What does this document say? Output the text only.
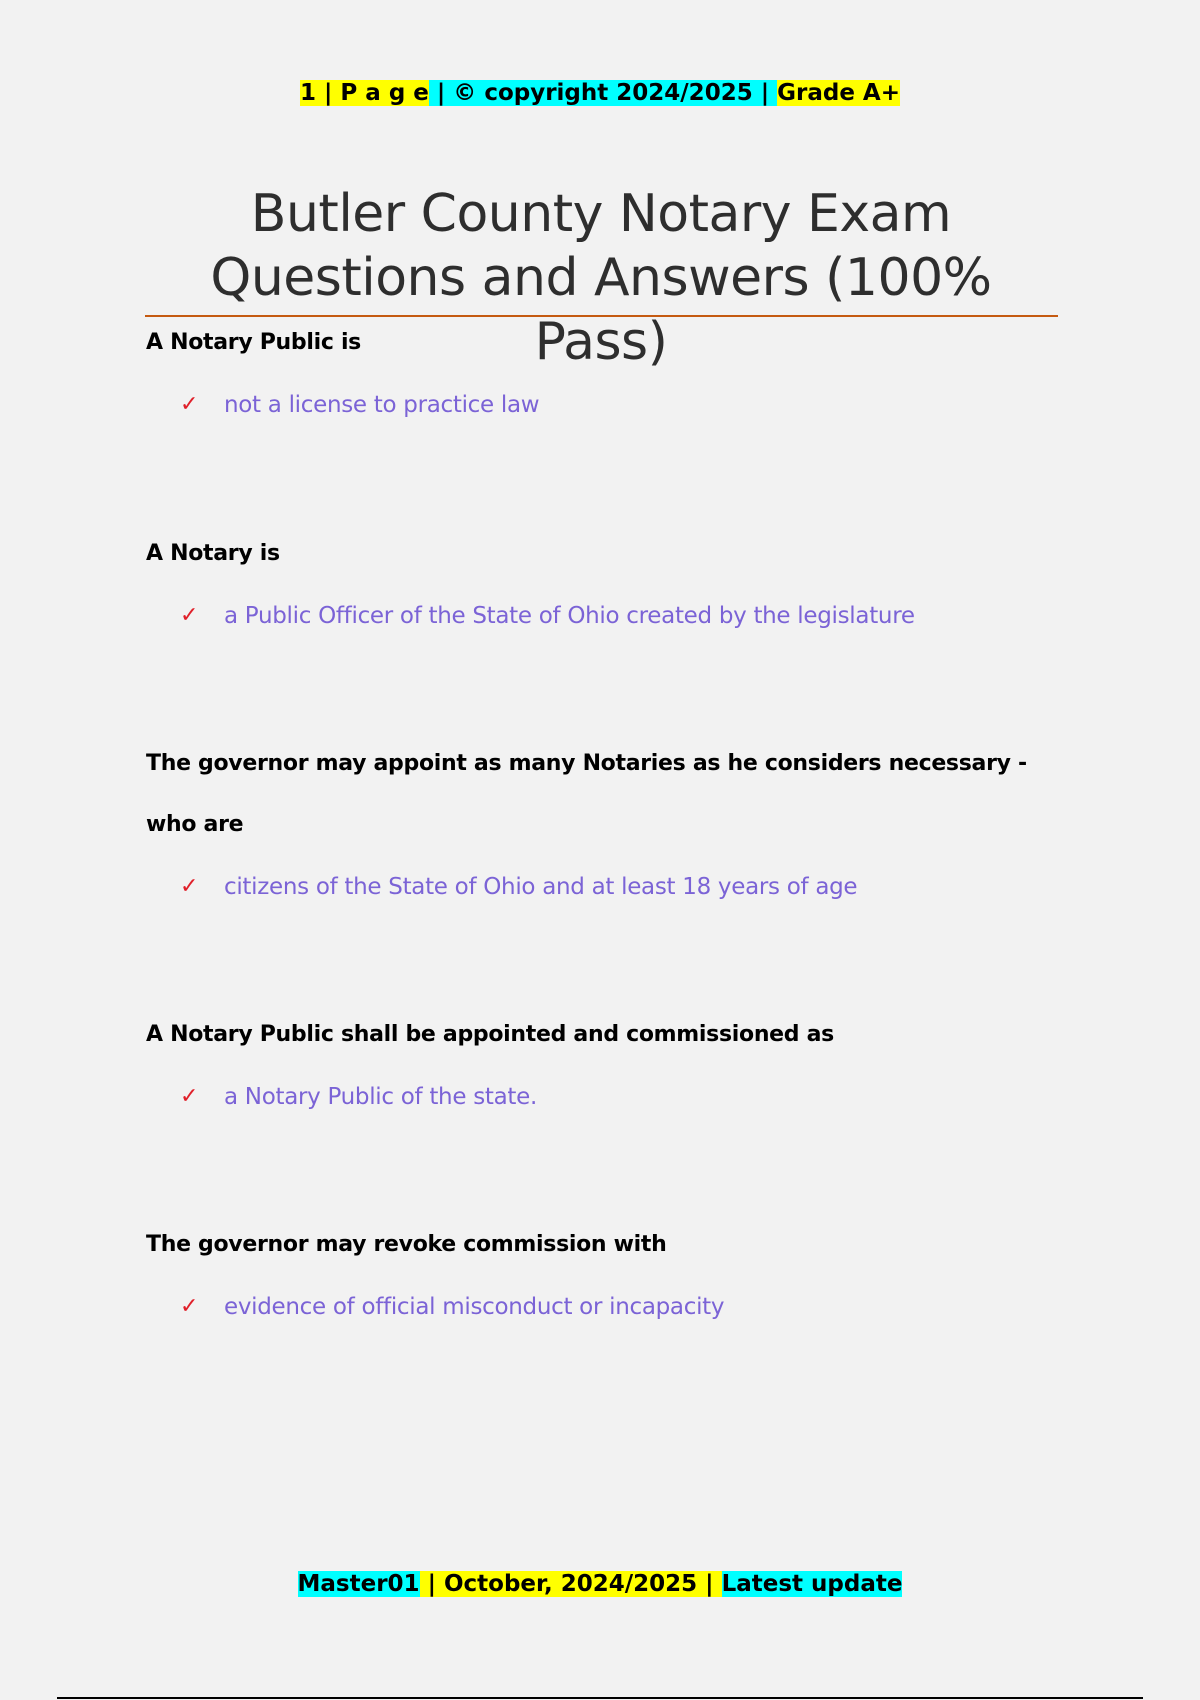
1 | P a g e | © copyright 2024/2025 | Grade A+
Butler County Notary Exam
Questions and Answers (100% Pass)

A Notary Public is

✓ not a license to practice law

A Notary is

✓ a Public Officer of the State of Ohio created by the legislature

The governor may appoint as many Notaries as he considers necessary - who are

✓ citizens of the State of Ohio and at least 18 years of age

A Notary Public shall be appointed and commissioned as

✓ a Notary Public of the state.

The governor may revoke commission with

✓ evidence of official misconduct or incapacity
Master01 | October, 2024/2025 | Latest update
